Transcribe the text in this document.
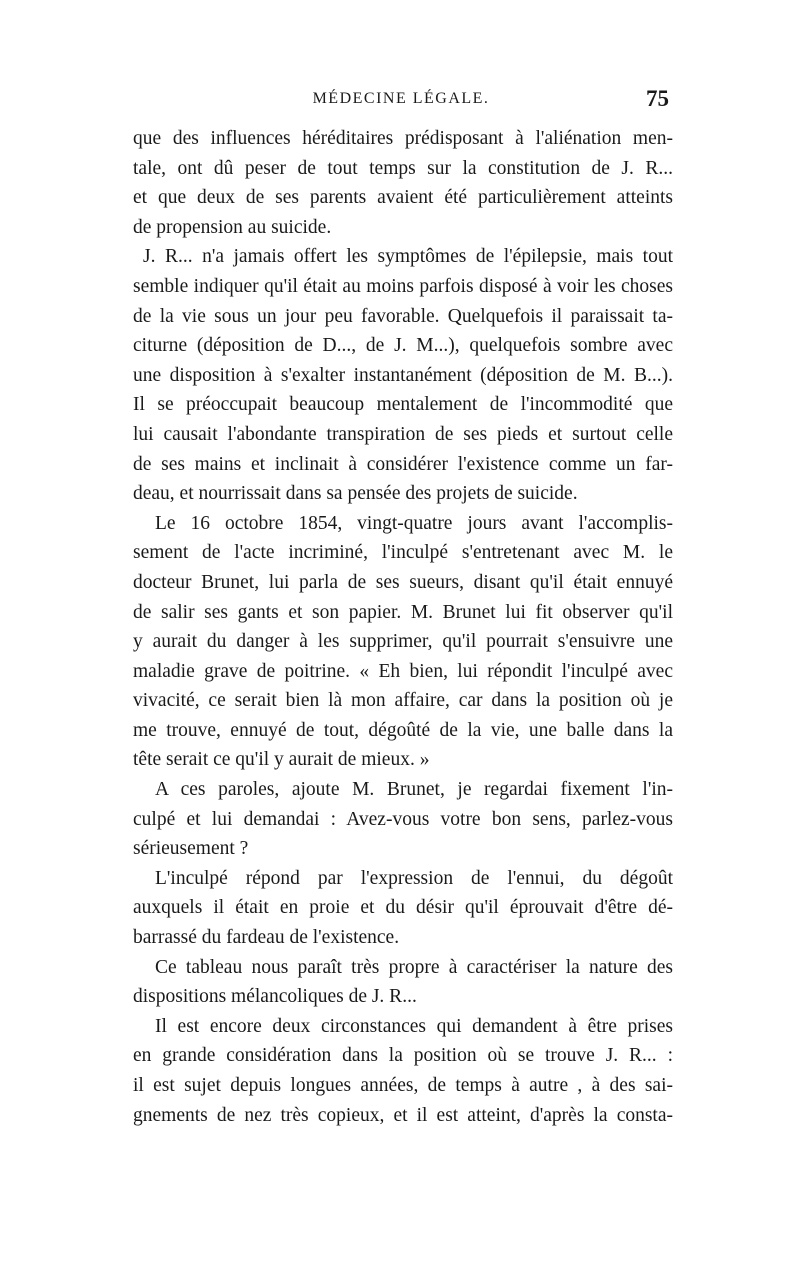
MÉDECINE LÉGALE.	75

que des influences héréditaires prédisposant à l'aliénation men-
tale, ont dû peser de tout temps sur la constitution de J. R...
et que deux de ses parents avaient été particulièrement atteints
de propension au suicide.

J. R... n'a jamais offert les symptômes de l'épilepsie, mais tout
semble indiquer qu'il était au moins parfois disposé à voir les choses
de la vie sous un jour peu favorable. Quelquefois il paraissait ta-
citurne (déposition de D..., de J. M...), quelquefois sombre avec
une disposition à s'exalter instantanément (déposition de M. B...).
Il se préoccupait beaucoup mentalement de l'incommodité que
lui causait l'abondante transpiration de ses pieds et surtout celle
de ses mains et inclinait à considérer l'existence comme un far-
deau, et nourrissait dans sa pensée des projets de suicide.

Le 16 octobre 1854, vingt-quatre jours avant l'accomplis-
sement de l'acte incriminé, l'inculpé s'entretenant avec M. le
docteur Brunet, lui parla de ses sueurs, disant qu'il était ennuyé
de salir ses gants et son papier. M. Brunet lui fit observer qu'il
y aurait du danger à les supprimer, qu'il pourrait s'ensuivre une
maladie grave de poitrine. « Eh bien, lui répondit l'inculpé avec
vivacité, ce serait bien là mon affaire, car dans la position où je
me trouve, ennuyé de tout, dégoûté de la vie, une balle dans la
tête serait ce qu'il y aurait de mieux. »

A ces paroles, ajoute M. Brunet, je regardai fixement l'in-
culpé et lui demandai : Avez-vous votre bon sens, parlez-vous
sérieusement ?

L'inculpé répond par l'expression de l'ennui, du dégoût
auxquels il était en proie et du désir qu'il éprouvait d'être dé-
barrassé du fardeau de l'existence.

Ce tableau nous paraît très propre à caractériser la nature des
dispositions mélancoliques de J. R...

Il est encore deux circonstances qui demandent à être prises
en grande considération dans la position où se trouve J. R... :
il est sujet depuis longues années, de temps à autre , à des sai-
gnements de nez très copieux, et il est atteint, d'après la consta-
